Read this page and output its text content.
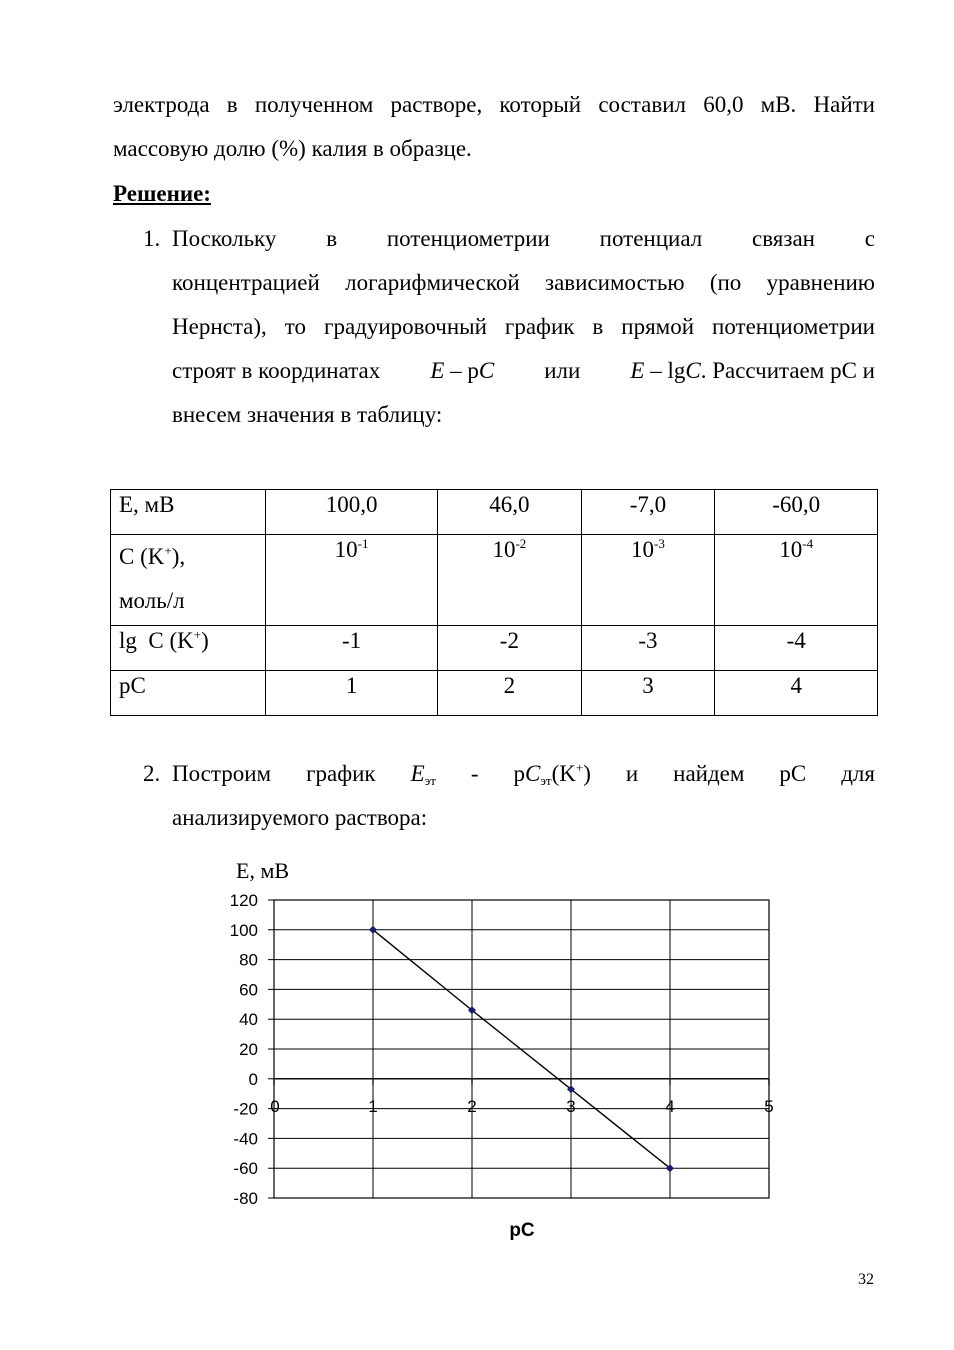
электрода в полученном растворе, который составил 60,0 мВ. Найти
массовую долю (%) калия в образце.
Решение:
1. Поскольку в потенциометрии потенциал связан с
концентрацией логарифмической зависимостью (по уравнению
Нернста), то градуировочный график в прямой потенциометрии
строят в координатах E – pC или E – lgC. Рассчитаем pC и
внесем значения в таблицу:
E, мВ	100,0	46,0	-7,0	-60,0
C (K+),
моль/л	$10^{-1}$	$10^{-2}$	$10^{-3}$	$10^{-4}$
lg  C (K+)	-1	-2	-3	-4
pC	1	2	3	4
2. Построим график $E_{эт} - pC_{эт}(K^+)$ и найдем pC для
анализируемого раствора:
120
100
80
60
40
20
0
-20
-40
-60
-80
0	1	2	3	4	5
E, мВ
pC
32
